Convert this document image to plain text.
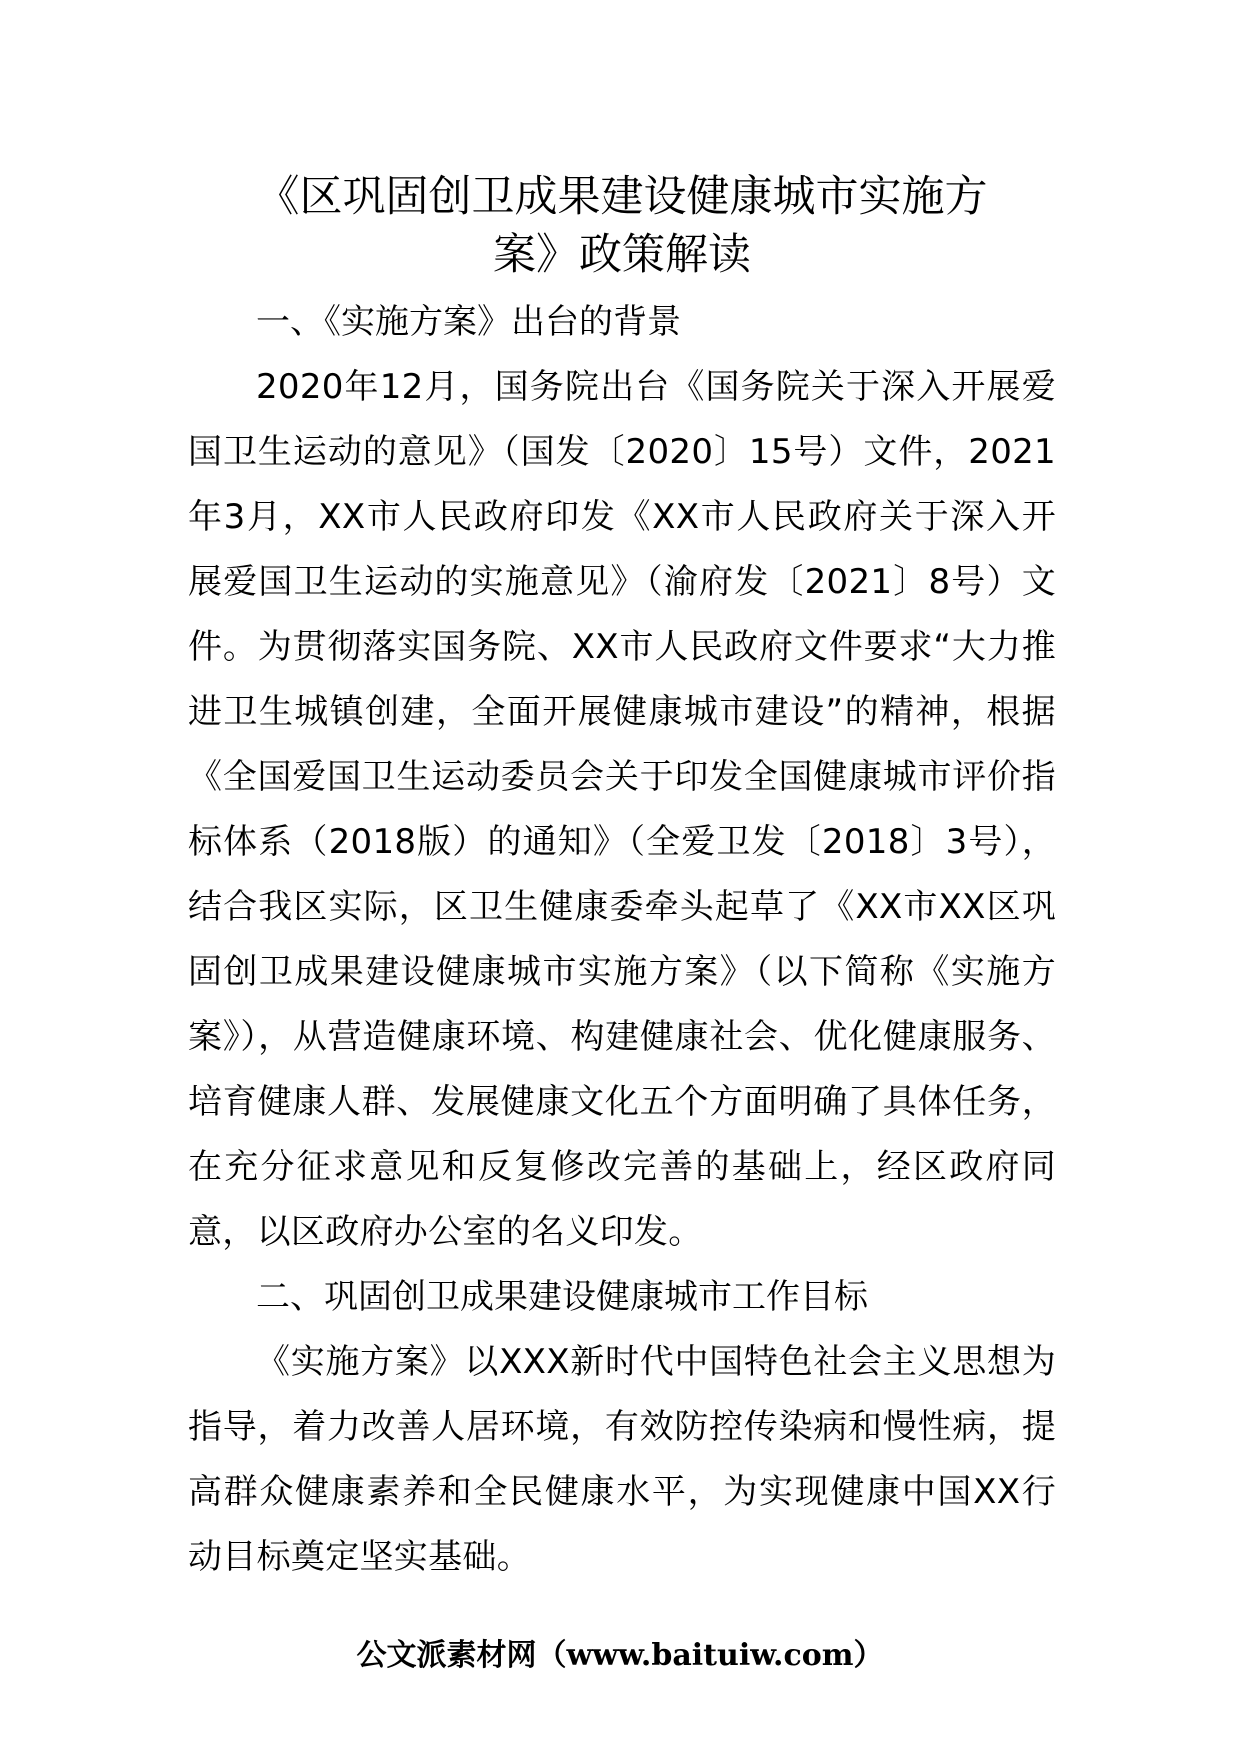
《区巩固创卫成果建设健康城市实施方
案》政策解读

一、《实施方案》出台的背景

2020年12月，国务院出台《国务院关于深入开展爱国卫生运动的意见》（国发〔2020〕15号）文件，2021年3月，XX市人民政府印发《XX市人民政府关于深入开展爱国卫生运动的实施意见》（渝府发〔2021〕8号）文件。为贯彻落实国务院、XX市人民政府文件要求“大力推进卫生城镇创建，全面开展健康城市建设”的精神，根据《全国爱国卫生运动委员会关于印发全国健康城市评价指标体系（2018版）的通知》（全爱卫发〔2018〕3号），结合我区实际，区卫生健康委牵头起草了《XX市XX区巩固创卫成果建设健康城市实施方案》（以下简称《实施方案》），从营造健康环境、构建健康社会、优化健康服务、培育健康人群、发展健康文化五个方面明确了具体任务，在充分征求意见和反复修改完善的基础上，经区政府同意，以区政府办公室的名义印发。

二、巩固创卫成果建设健康城市工作目标

《实施方案》以XXX新时代中国特色社会主义思想为指导，着力改善人居环境，有效防控传染病和慢性病，提高群众健康素养和全民健康水平，为实现健康中国XX行动目标奠定坚实基础。

公文派素材网（www.baituiw.com）
